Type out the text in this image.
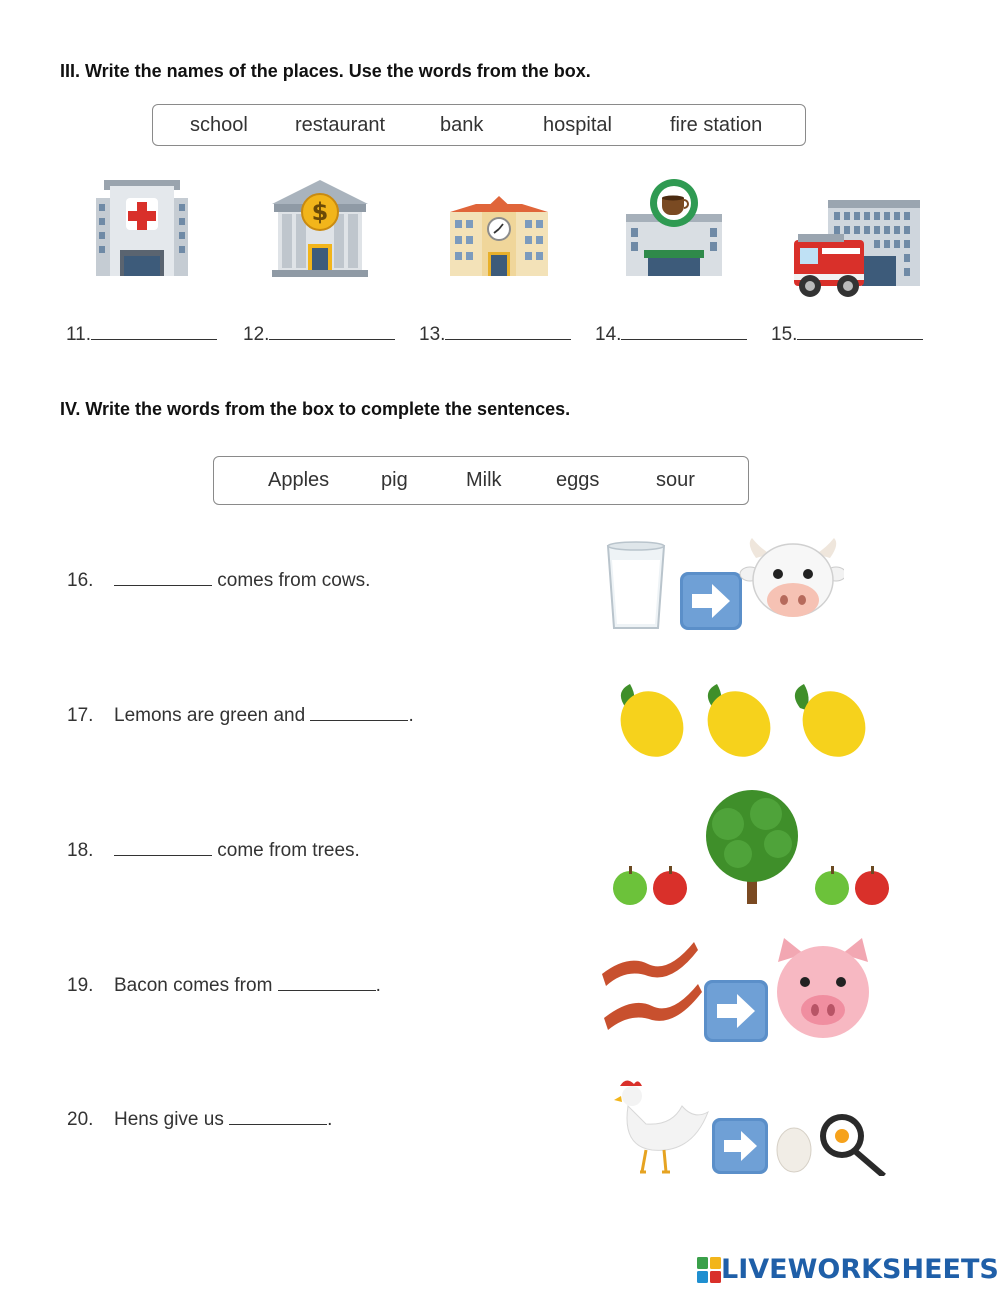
III. Write the names of the places. Use the words from the box.
school restaurant	bank	hospital	fire station
$
11.	12.	13.	14.	15.
IV. Write the words from the box to complete the sentences.
Apples	pig	Milk	eggs	sour
16.	comes from cows.
17. Lemons are green and	.
18.	come from trees.
19. Bacon comes from	.
20. Hens give us	.
LIVEWORKSHEETS
